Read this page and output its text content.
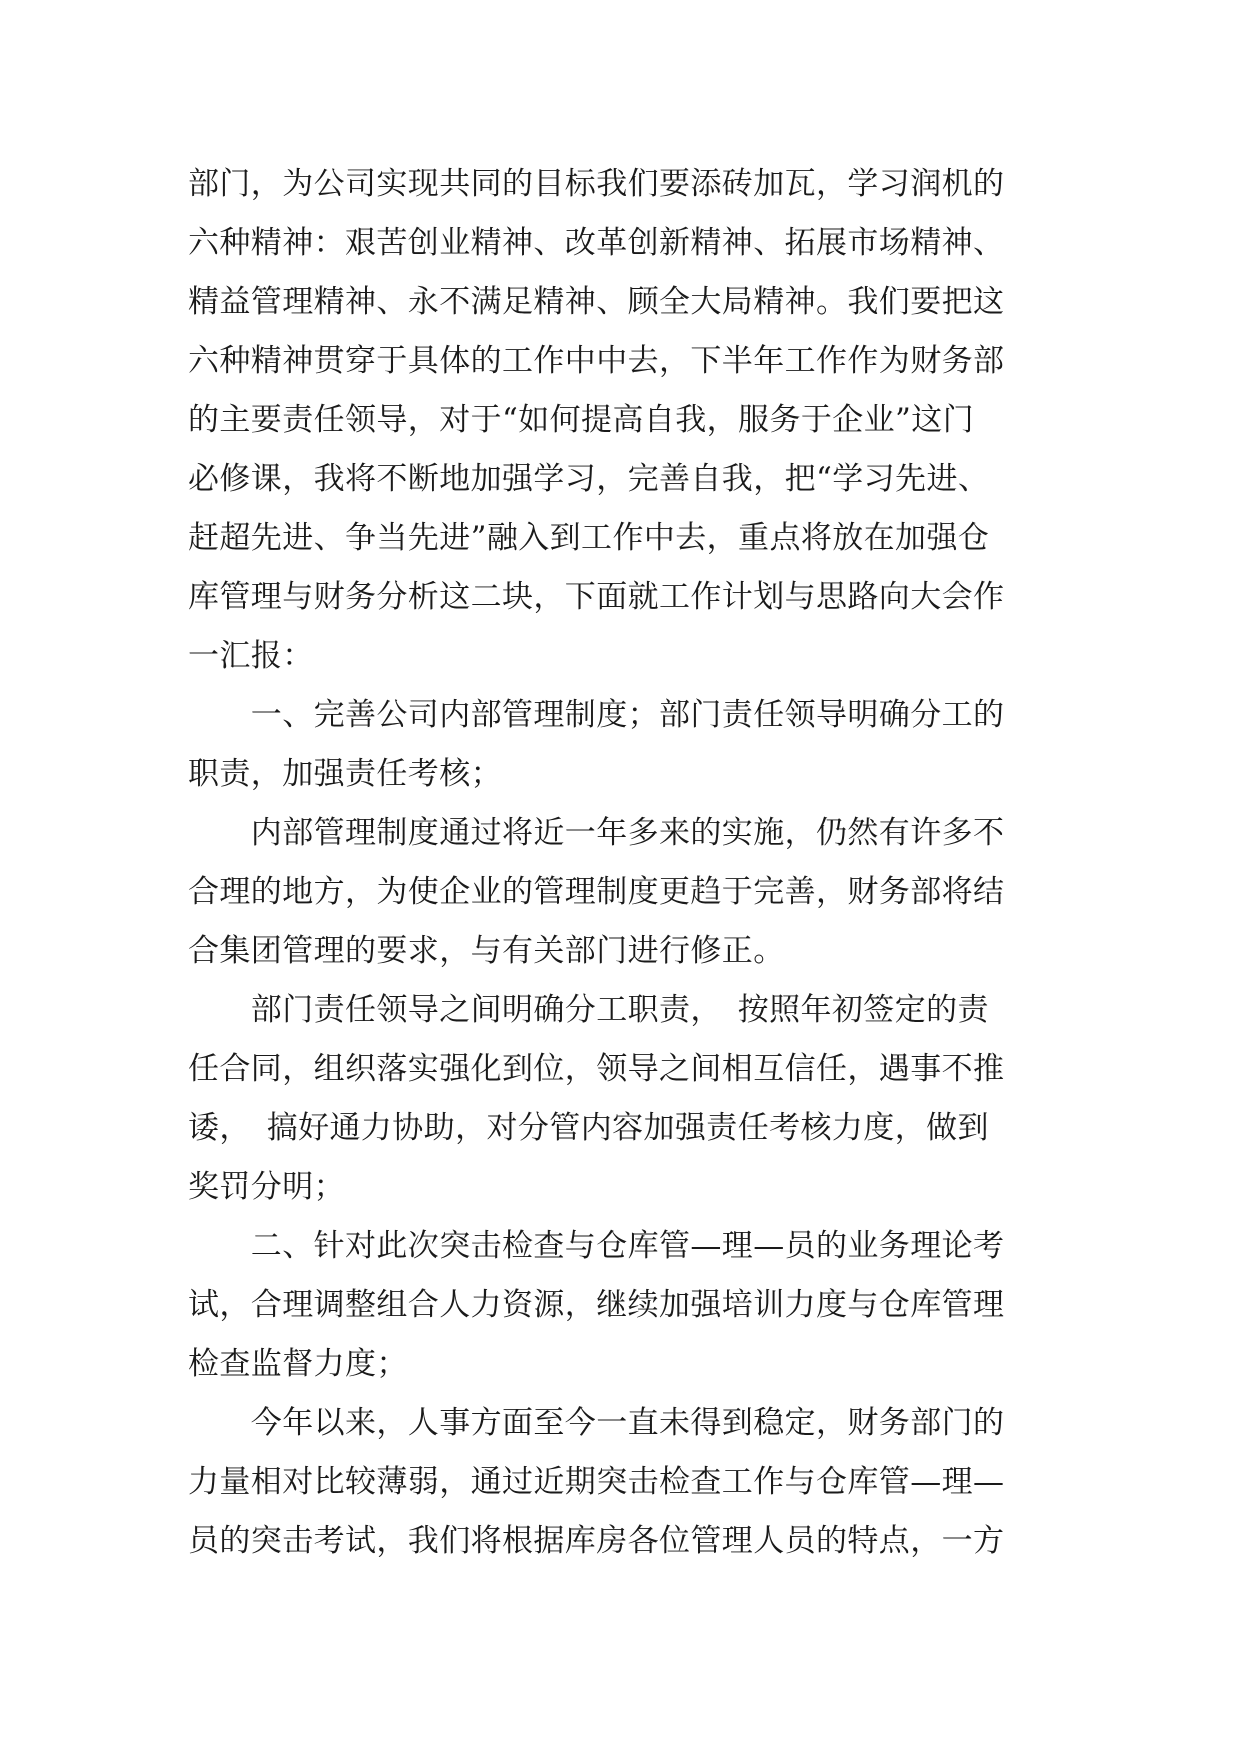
部门，为公司实现共同的目标我们要添砖加瓦，学习润机的
六种精神：艰苦创业精神、改革创新精神、拓展市场精神、
精益管理精神、永不满足精神、顾全大局精神。我们要把这
六种精神贯穿于具体的工作中中去，下半年工作作为财务部
的主要责任领导，对于“如何提高自我，服务于企业”这门
必修课，我将不断地加强学习，完善自我，把“学习先进、
赶超先进、争当先进”融入到工作中去，重点将放在加强仓
库管理与财务分析这二块，下面就工作计划与思路向大会作
一汇报：
　　一、完善公司内部管理制度；部门责任领导明确分工的
职责，加强责任考核；
　　内部管理制度通过将近一年多来的实施，仍然有许多不
合理的地方，为使企业的管理制度更趋于完善，财务部将结
合集团管理的要求，与有关部门进行修正。
　　部门责任领导之间明确分工职责，　按照年初签定的责
任合同，组织落实强化到位，领导之间相互信任，遇事不推
诿，　搞好通力协助，对分管内容加强责任考核力度，做到
奖罚分明；
　　二、针对此次突击检查与仓库管—理—员的业务理论考
试，合理调整组合人力资源，继续加强培训力度与仓库管理
检查监督力度；
　　今年以来，人事方面至今一直未得到稳定，财务部门的
力量相对比较薄弱，通过近期突击检查工作与仓库管—理—
员的突击考试，我们将根据库房各位管理人员的特点，一方
